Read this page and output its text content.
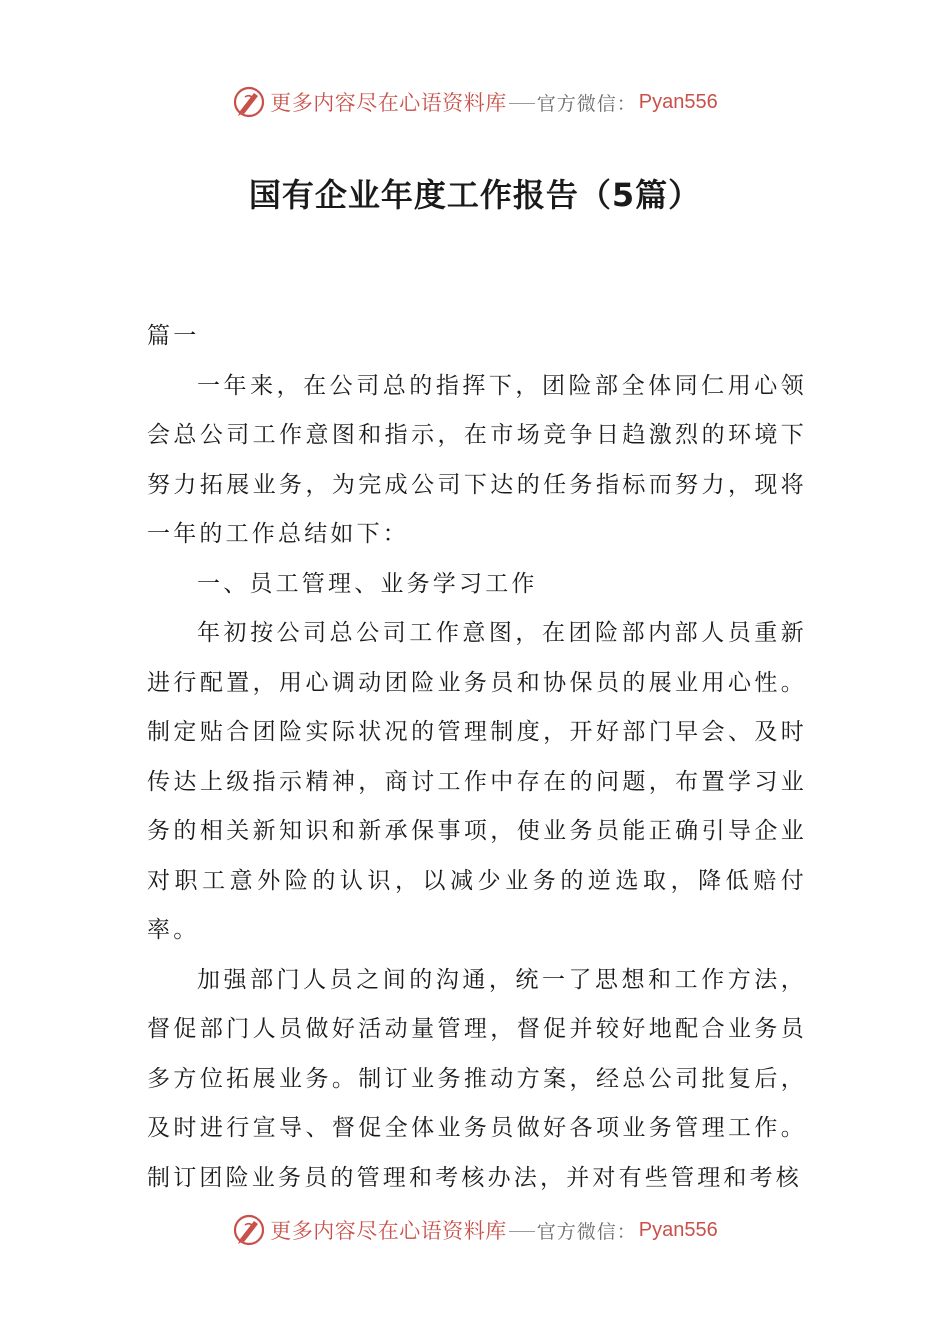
更多内容尽在心语资料库 官方微信： Pyan556
国有企业年度工作报告（5篇）

篇一

一年来，在公司总的指挥下，团险部全体同仁用心领会总公司工作意图和指示，在市场竞争日趋激烈的环境下努力拓展业务，为完成公司下达的任务指标而努力，现将一年的工作总结如下：

一、员工管理、业务学习工作

年初按公司总公司工作意图，在团险部内部人员重新进行配置，用心调动团险业务员和协保员的展业用心性。制定贴合团险实际状况的管理制度，开好部门早会、及时传达上级指示精神，商讨工作中存在的问题，布置学习业务的相关新知识和新承保事项，使业务员能正确引导企业对职工意外险的认识，以减少业务的逆选取，降低赔付率。

加强部门人员之间的沟通，统一了思想和工作方法，督促部门人员做好活动量管理，督促并较好地配合业务员多方位拓展业务。制订业务推动方案，经总公司批复后，及时进行宣导、督促全体业务员做好各项业务管理工作。制订团险业务员的管理和考核办法，并对有些管理和考核

更多内容尽在心语资料库 官方微信： Pyan556
